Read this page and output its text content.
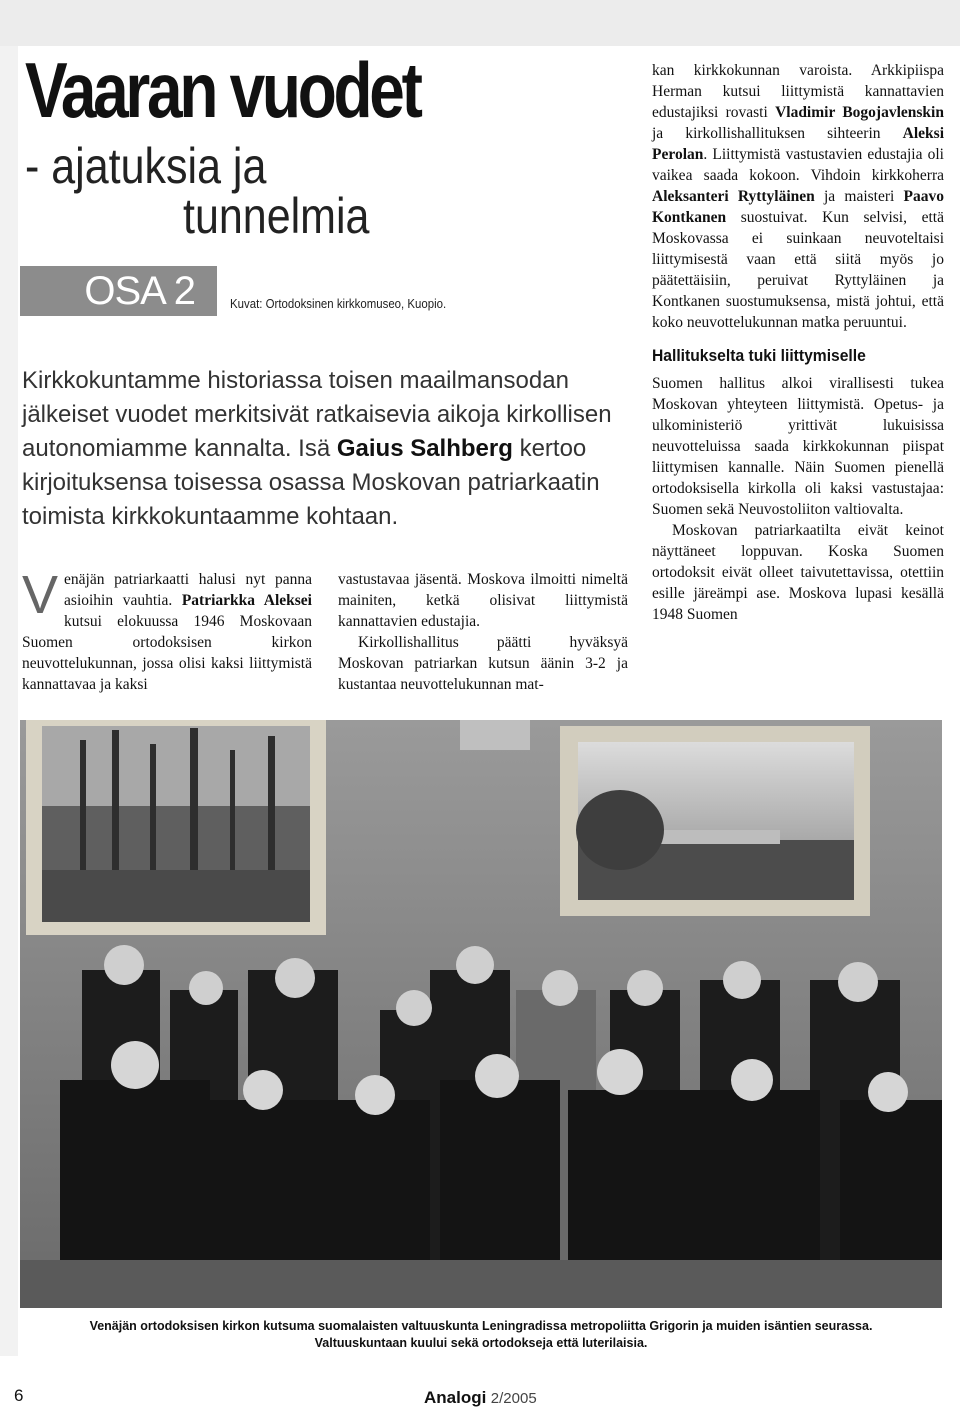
Vaaran vuodet
- ajatuksia ja
tunnelmia
OSA 2	Kuvat: Ortodoksinen kirkkomuseo, Kuopio.

Kirkkokuntamme historiassa toisen maailmansodan jälkeiset vuodet merkitsivät ratkaisevia aikoja kirkollisen autonomiamme kannalta. Isä Gaius Salhberg kertoo kirjoituksensa toisessa osassa Moskovan patriarkaatin toimista kirkkokuntaamme kohtaan.

Venäjän patriarkaatti halusi nyt panna asioihin vauhtia. Patriarkka Aleksei kutsui elokuussa 1946 Moskovaan Suomen ortodoksisen kirkon neuvottelukunnan, jossa olisi kaksi liittymistä kannattavaa ja kaksi

vastustavaa jäsentä. Moskova ilmoitti nimeltä mainiten, ketkä olisivat liittymistä kannattavien edustajia.

Kirkollishallitus päätti hyväksyä Moskovan patriarkan kutsun äänin 3-2 ja kustantaa neuvottelukunnan mat-

kan kirkkokunnan varoista. Arkkipiispa Herman kutsui liittymistä kannattavien edustajiksi rovasti Vladimir Bogojavlenskin ja kirkollishallituksen sihteerin Aleksi Perolan. Liittymistä vastustavien edustajia oli vaikea saada kokoon. Vihdoin kirkkoherra Aleksanteri Ryttyläinen ja maisteri Paavo Kontkanen suostuivat. Kun selvisi, että Moskovassa ei suinkaan neuvoteltaisi liittymisestä vaan että siitä myös jo päätettäisiin, peruivat Ryttyläinen ja Kontkanen suostumuksensa, mistä johtui, että koko neuvottelukunnan matka peruuntui.

Hallitukselta tuki liittymiselle

Suomen hallitus alkoi virallisesti tukea Moskovan yhteyteen liittymistä. Opetus- ja ulkoministeriö yrittivät lukuisissa neuvotteluissa saada kirkkokunnan piispat liittymisen kannalle. Näin Suomen pienellä ortodoksisella kirkolla oli kaksi vastustajaa: Suomen sekä Neuvostoliiton valtiovalta.

Moskovan patriarkaatilta eivät keinot näyttäneet loppuvan. Koska Suomen ortodoksit eivät olleet taivutettavissa, otettiin esille järeämpi ase. Moskova lupasi kesällä 1948 Suomen

Venäjän ortodoksisen kirkon kutsuma suomalaisten valtuuskunta Leningradissa metropoliitta Grigorin ja muiden isäntien seurassa.
Valtuuskuntaan kuului sekä ortodokseja että luterilaisia.
6	Analogi 2/2005
